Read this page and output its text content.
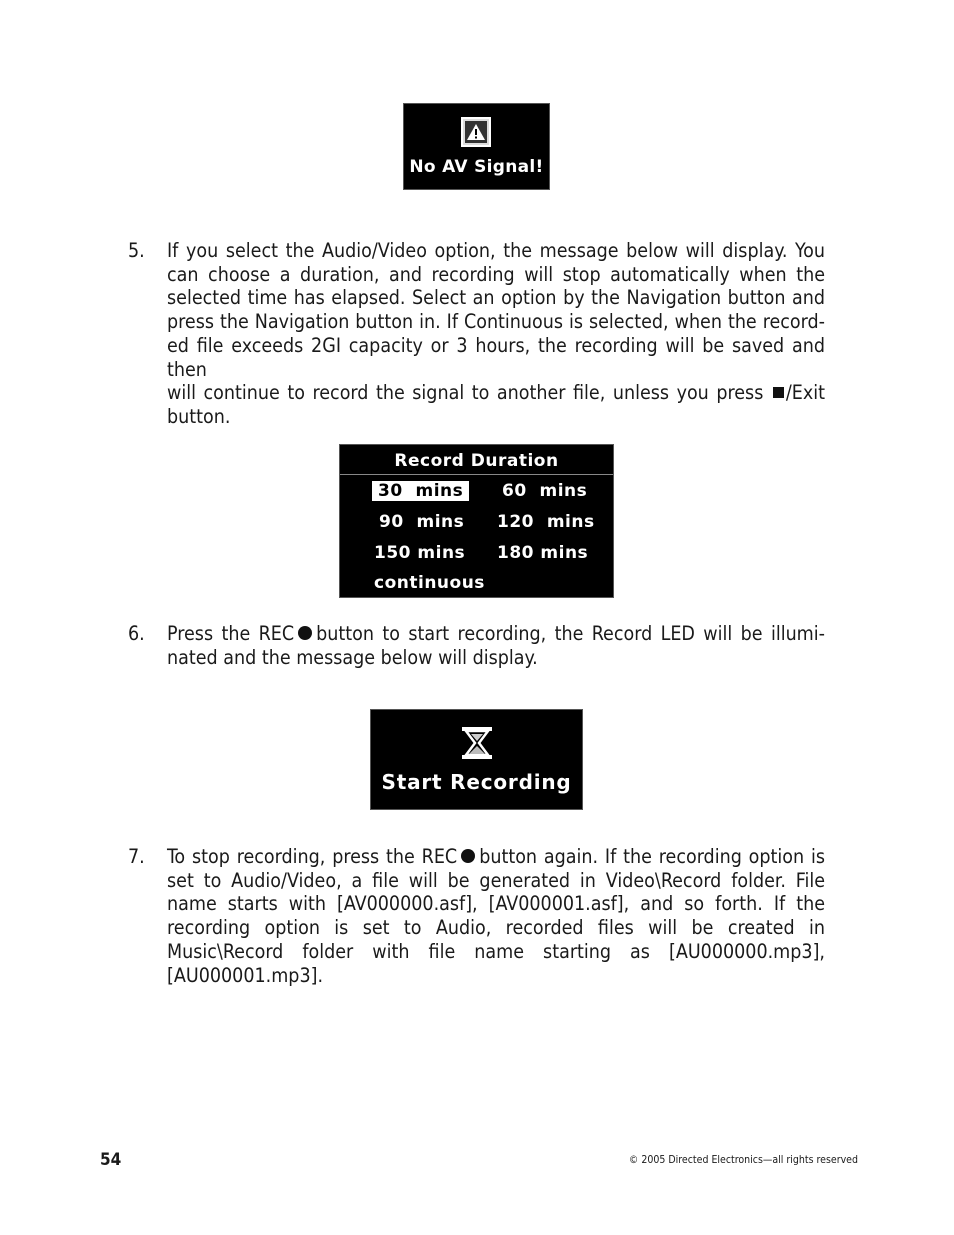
No AV Signal!
5. If you select the Audio/Video option, the message below will display. You
can choose a duration, and recording will stop automatically when the
selected time has elapsed. Select an option by the Navigation button and
press the Navigation button in. If Continuous is selected, when the record-
ed file exceeds 2GI capacity or 3 hours, the recording will be saved and then
will continue to record the signal to another file, unless you press /Exit
button.
Record Duration
30  mins	60  mins
90  mins 120  mins
150 mins 180 mins
continuous
6. Press the REC button to start recording, the Record LED will be illumi-
nated and the message below will display.
Start Recording
7. To stop recording, press the REC button again. If the recording option is
set to Audio/Video, a file will be generated in Video\Record folder. File
name starts with [AV000000.asf], [AV000001.asf], and so forth. If the
recording option is set to Audio, recorded files will be created in
Music\Record folder with file name starting as [AU000000.mp3],
[AU000001.mp3].
54	© 2005 Directed Electronics—all rights reserved
